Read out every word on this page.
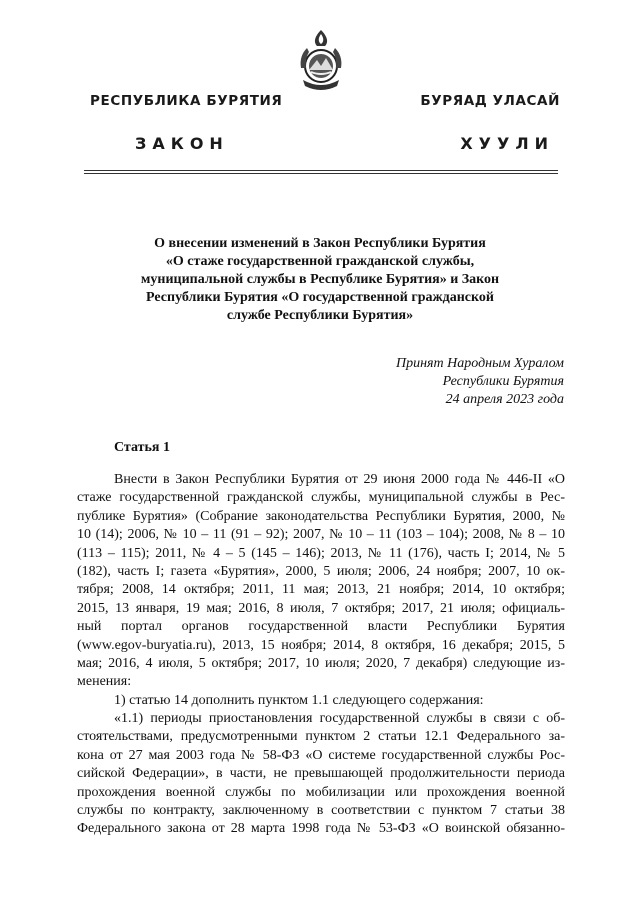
РЕСПУБЛИКА БУРЯТИЯ	БУРЯАД УЛАСАЙ
ЗАКОН	ХУУЛИ
О внесении изменений в Закон Республики Бурятия
«О стаже государственной гражданской службы,
муниципальной службы в Республике Бурятия» и Закон
Республики Бурятия «О государственной гражданской
службе Республики Бурятия»
Принят Народным Хуралом
Республики Бурятия
24 апреля 2023 года
Статья 1
Внести в Закон Республики Бурятия от 29 июня 2000 года № 446-II «О
стаже государственной гражданской службы, муниципальной службы в Рес-
публике Бурятия» (Собрание законодательства Республики Бурятия, 2000, №
10 (14); 2006, № 10 – 11 (91 – 92); 2007, № 10 – 11 (103 – 104); 2008, № 8 – 10
(113 – 115); 2011, № 4 – 5 (145 – 146); 2013, № 11 (176), часть I; 2014, № 5
(182), часть I; газета «Бурятия», 2000, 5 июля; 2006, 24 ноября; 2007, 10 ок-
тября; 2008, 14 октября; 2011, 11 мая; 2013, 21 ноября; 2014, 10 октября;
2015, 13 января, 19 мая; 2016, 8 июля, 7 октября; 2017, 21 июля; официаль-
ный портал органов государственной власти Республики Бурятия
(www.egov-buryatia.ru), 2013, 15 ноября; 2014, 8 октября, 16 декабря; 2015, 5
мая; 2016, 4 июля, 5 октября; 2017, 10 июля; 2020, 7 декабря) следующие из-
менения:
1) статью 14 дополнить пунктом 1.1 следующего содержания:
«1.1) периоды приостановления государственной службы в связи с об-
стоятельствами, предусмотренными пунктом 2 статьи 12.1 Федерального за-
кона от 27 мая 2003 года № 58-ФЗ «О системе государственной службы Рос-
сийской Федерации», в части, не превышающей продолжительности периода
прохождения военной службы по мобилизации или прохождения военной
службы по контракту, заключенному в соответствии с пунктом 7 статьи 38
Федерального закона от 28 марта 1998 года № 53-ФЗ «О воинской обязанно-
